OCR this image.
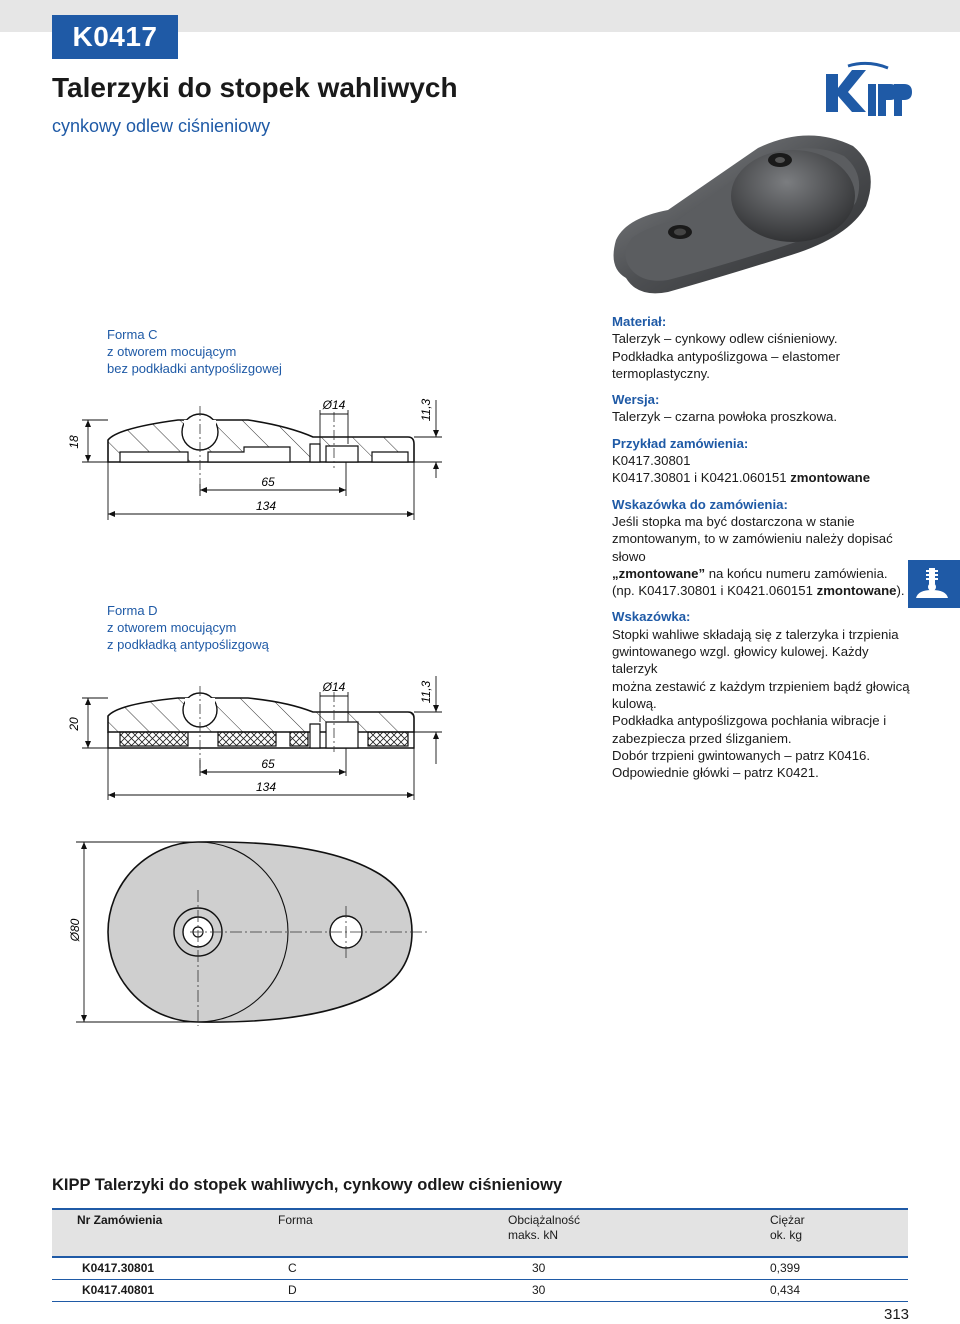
K0417
Talerzyki do stopek wahliwych
cynkowy odlew ciśnieniowy
Forma C
z otworem mocującym
bez podkładki antypoślizgowej
Ø14
18
11,3
65
134
Forma D
z otworem mocującym
z podkładką antypoślizgową
Ø14
20
11,3
65
134
Ø80
Materiał:
Talerzyk – cynkowy odlew ciśnieniowy.
Podkładka antypoślizgowa – elastomer
termoplastyczny.
Wersja:
Talerzyk – czarna powłoka proszkowa.
Przykład zamówienia:
K0417.30801
K0417.30801 i K0421.060151 zmontowane
Wskazówka do zamówienia:
Jeśli stopka ma być dostarczona w stanie
zmontowanym, to w zamówieniu należy dopisać słowo
„zmontowane” na końcu numeru zamówienia.
(np. K0417.30801 i K0421.060151 zmontowane).
Wskazówka:
Stopki wahliwe składają się z talerzyka i trzpienia
gwintowanego wzgl. głowicy kulowej. Każdy talerzyk
można zestawić z każdym trzpieniem bądź głowicą
kulową.
Podkładka antypoślizgowa pochłania wibracje i
zabezpiecza przed ślizganiem.
Dobór trzpieni gwintowanych – patrz K0416.
Odpowiednie główki – patrz K0421.
KIPP Talerzyki do stopek wahliwych, cynkowy odlew ciśnieniowy
Nr Zamówienia	Forma	Obciążalność
maks. kN
Ciężar
ok. kg
K0417.30801	C	30	0,399
K0417.40801	D	30	0,434
313
